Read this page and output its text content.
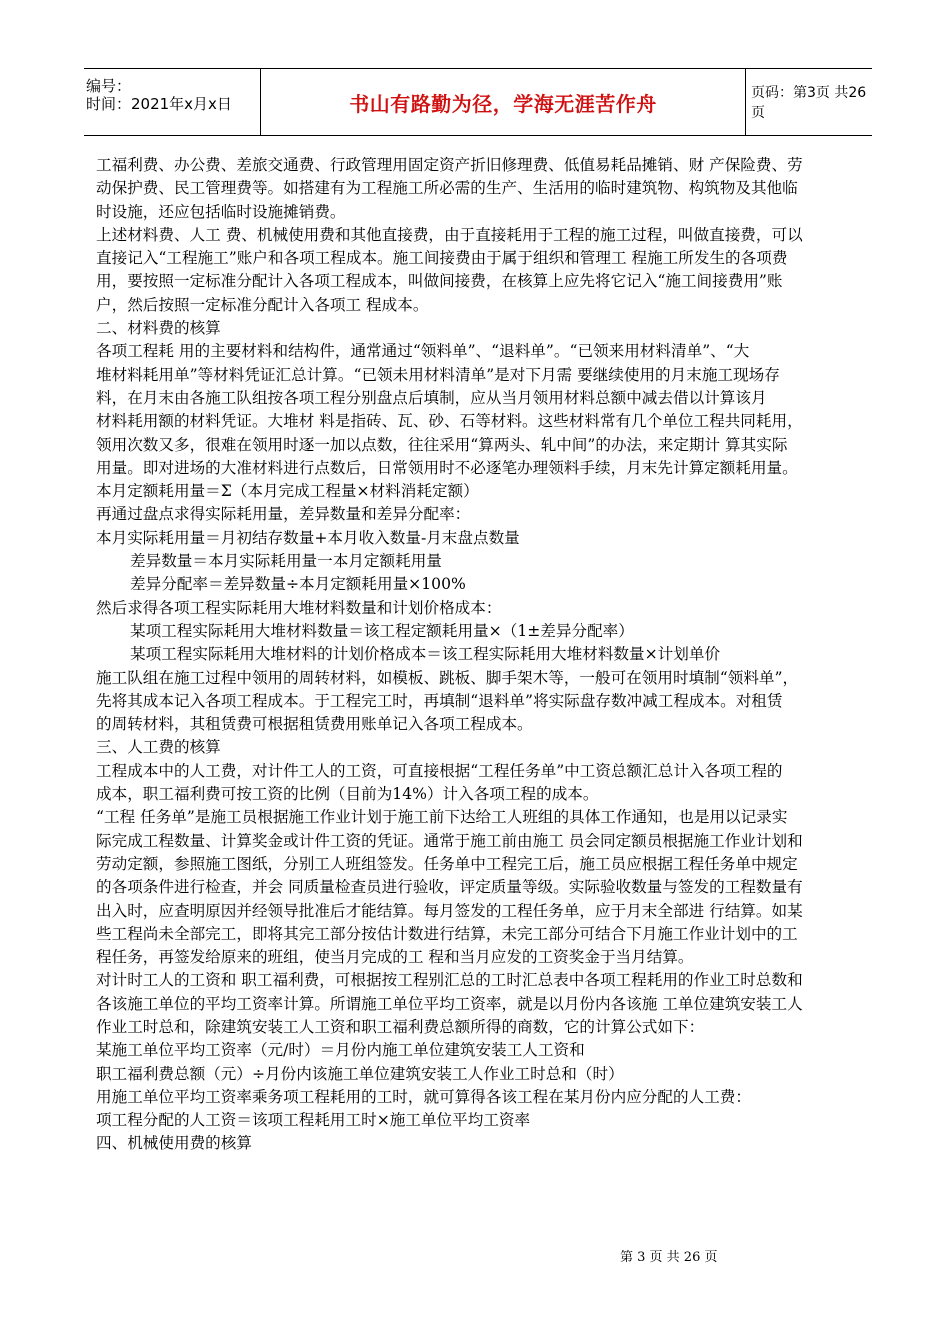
编号：
时间：2021年x月x日	书山有路勤为径，学海无涯苦作舟	页码：第3页 共26页
工福利费、办公费、差旅交通费、行政管理用固定资产折旧修理费、低值易耗品摊销、财 产保险费、劳
动保护费、民工管理费等。如搭建有为工程施工所必需的生产、生活用的临时建筑物、构筑物及其他临
时设施，还应包括临时设施摊销费。
上述材料费、人工 费、机械使用费和其他直接费，由于直接耗用于工程的施工过程，叫做直接费，可以
直接记入“工程施工”账户和各项工程成本。施工间接费由于属于组织和管理工 程施工所发生的各项费
用，要按照一定标准分配计入各项工程成本，叫做间接费，在核算上应先将它记入“施工间接费用”账
户，然后按照一定标准分配计入各项工 程成本。
二、材料费的核算
各项工程耗 用的主要材料和结构件，通常通过“领料单”、“退料单”。“已领来用材料清单”、“大
堆材料耗用单”等材料凭证汇总计算。“已领未用材料清单”是对下月需 要继续使用的月末施工现场存
料，在月末由各施工队组按各项工程分别盘点后填制，应从当月领用材料总额中减去借以计算该月
材料耗用额的材料凭证。大堆材 料是指砖、瓦、砂、石等材料。这些材料常有几个单位工程共同耗用，
领用次数又多，很难在领用时逐一加以点数，往往采用“算两头、轧中间”的办法，来定期计 算其实际
用量。即对进场的大准材料进行点数后，日常领用时不必逐笔办理领料手续，月末先计算定额耗用量。
本月定额耗用量＝Σ（本月完成工程量×材料消耗定额）
再通过盘点求得实际耗用量，差异数量和差异分配率：
本月实际耗用量＝月初结存数量+本月收入数量-月末盘点数量
差异数量＝本月实际耗用量一本月定额耗用量
差异分配率＝差异数量÷本月定额耗用量×100%
然后求得各项工程实际耗用大堆材料数量和计划价格成本：
某项工程实际耗用大堆材料数量＝该工程定额耗用量×（1±差异分配率）
某项工程实际耗用大堆材料的计划价格成本＝该工程实际耗用大堆材料数量×计划单价
施工队组在施工过程中领用的周转材料，如模板、跳板、脚手架木等，一般可在领用时填制“领料单”，
先将其成本记入各项工程成本。于工程完工时，再填制“退料单”将实际盘存数冲减工程成本。对租赁
的周转材料，其租赁费可根据租赁费用账单记入各项工程成本。
三、人工费的核算
工程成本中的人工费，对计件工人的工资，可直接根据“工程任务单”中工资总额汇总计入各项工程的
成本，职工福利费可按工资的比例（目前为14%）计入各项工程的成本。
“工程 任务单”是施工员根据施工作业计划于施工前下达给工人班组的具体工作通知，也是用以记录实
际完成工程数量、计算奖金或计件工资的凭证。通常于施工前由施工 员会同定额员根据施工作业计划和
劳动定额，参照施工图纸，分别工人班组签发。任务单中工程完工后，施工员应根据工程任务单中规定
的各项条件进行检查，并会 同质量检查员进行验收，评定质量等级。实际验收数量与签发的工程数量有
出入时，应查明原因并经领导批准后才能结算。每月签发的工程任务单，应于月末全部进 行结算。如某
些工程尚未全部完工，即将其完工部分按估计数进行结算，未完工部分可结合下月施工作业计划中的工
程任务，再签发给原来的班组，使当月完成的工 程和当月应发的工资奖金于当月结算。
对计时工人的工资和 职工福利费，可根据按工程别汇总的工时汇总表中各项工程耗用的作业工时总数和
各该施工单位的平均工资率计算。所谓施工单位平均工资率，就是以月份内各该施 工单位建筑安装工人
作业工时总和，除建筑安装工人工资和职工福利费总额所得的商数，它的计算公式如下：
某施工单位平均工资率（元/时）＝月份内施工单位建筑安装工人工资和
职工福利费总额（元）÷月份内该施工单位建筑安装工人作业工时总和（时）
用施工单位平均工资率乘务项工程耗用的工时，就可算得各该工程在某月份内应分配的人工费：
项工程分配的人工资＝该项工程耗用工时×施工单位平均工资率
四、机械使用费的核算
第 3 页 共 26 页
